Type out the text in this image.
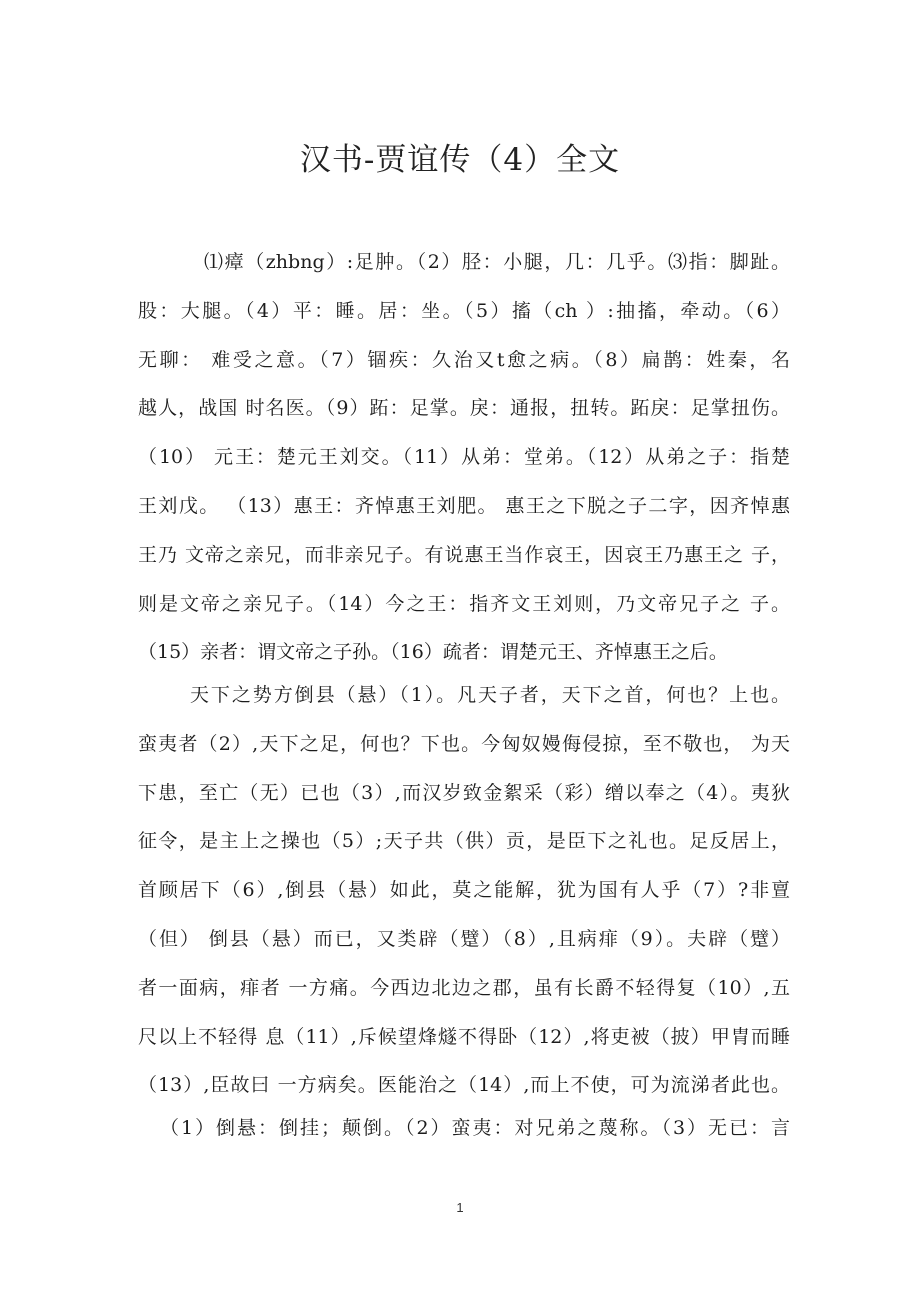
汉书-贾谊传（4）全文
⑴瘴（zhbng）:足肿。（2）胫：小腿，几：几乎。⑶指：脚趾。
股：大腿。（4）平：睡。居：坐。（5）搐（ch ）:抽搐，牵动。（6）
无聊： 难受之意。（7）锢疾：久治又t愈之病。（8）扁鹊：姓秦，名
越人，战国 时名医。（9）跖：足掌。戾：通报，扭转。跖戾：足掌扭伤。
（10） 元王：楚元王刘交。（11）从弟：堂弟。（12）从弟之子：指楚
王刘戊。 （13）惠王：齐悼惠王刘肥。 惠王之下脱之子二字，因齐悼惠
王乃 文帝之亲兄，而非亲兄子。有说惠王当作哀王，因哀王乃惠王之 子，
则是文帝之亲兄子。（14）今之王：指齐文王刘则，乃文帝兄子之 子。
（15）亲者：谓文帝之子孙。（16）疏者：谓楚元王、齐悼惠王之后。
天下之势方倒县（悬）（1）。凡天子者，天下之首，何也？上也。
蛮夷者（2）,天下之足，何也？下也。今匈奴嫚侮侵掠，至不敬也， 为天
下患，至亡（无）已也（3）,而汉岁致金絮采（彩）缯以奉之（4）。夷狄
征令，是主上之操也（5）;天子共（供）贡，是臣下之礼也。足反居上，
首顾居下（6）,倒县（悬）如此，莫之能解，犹为国有人乎（7）?非亶
（但） 倒县（悬）而已，又类辟（躄）（8）,且病痱（9）。夫辟（躄）
者一面病，痱者 一方痛。今西边北边之郡，虽有长爵不轻得复（10）,五
尺以上不轻得 息（11）,斥候望烽燧不得卧（12）,将吏被（披）甲胄而睡
（13）,臣故曰 一方病矣。医能治之（14）,而上不使，可为流涕者此也。
（1）倒悬：倒挂；颠倒。（2）蛮夷：对兄弟之蔑称。（3）无已：言
1
